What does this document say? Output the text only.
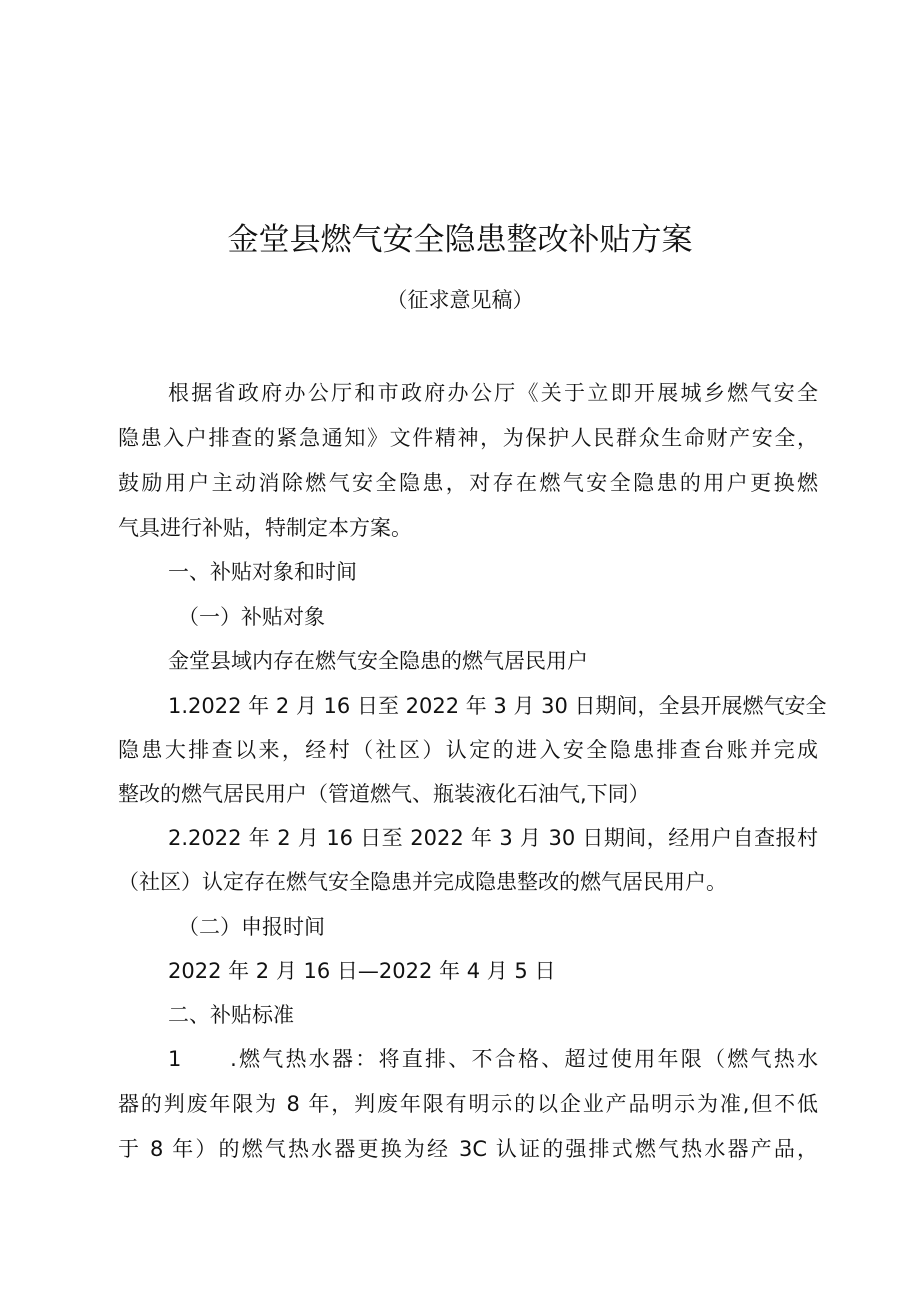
金堂县燃气安全隐患整改补贴方案

（征求意见稿）

根据省政府办公厅和市政府办公厅《关于立即开展城乡燃气安全

隐患入户排查的紧急通知》文件精神，为保护人民群众生命财产安全，

鼓励用户主动消除燃气安全隐患，对存在燃气安全隐患的用户更换燃

气具进行补贴，特制定本方案。

一、补贴对象和时间

（一）补贴对象

金堂县域内存在燃气安全隐患的燃气居民用户

1.2022 年 2 月 16 日至 2022 年 3 月 30 日期间，全县开展燃气安全

隐患大排查以来，经村（社区）认定的进入安全隐患排查台账并完成

整改的燃气居民用户（管道燃气、瓶装液化石油气,下同）

2.2022 年 2 月 16 日至 2022 年 3 月 30 日期间，经用户自查报村

（社区）认定存在燃气安全隐患并完成隐患整改的燃气居民用户。

（二）申报时间

2022 年 2 月 16 日—2022 年 4 月 5 日

二、补贴标准

1　　.燃气热水器：将直排、不合格、超过使用年限（燃气热水

器的判废年限为 8 年，判废年限有明示的以企业产品明示为准,但不低

于 8 年）的燃气热水器更换为经 3C 认证的强排式燃气热水器产品，
